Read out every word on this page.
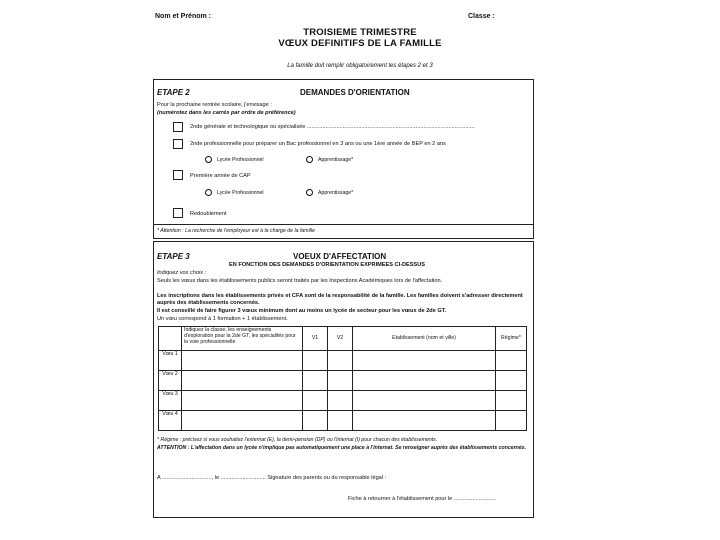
Nom et Prénom :	Classe :
TROISIEME TRIMESTRE
VŒUX DEFINITIFS DE LA FAMILLE
La famille doit remplir obligatoirement les étapes 2 et 3
ETAPE 2	DEMANDES D'ORIENTATION
Pour la prochaine rentrée scolaire, j'envisage :
(numérotez dans les carrés par ordre de préférence)
2nde générale et technologique ou spécialisée ............................................................................................................
2nde professionnelle pour préparer un Bac professionnel en 3 ans ou une 1ère année de BEP en 2 ans
Lycée Professionnel	Apprentissage*
Première année de CAP
Lycée Professionnel	Apprentissage*
Redoublement
* Attention : La recherche de l'employeur est à la charge de la famille
ETAPE 3	VOEUX D'AFFECTATION
EN FONCTION DES DEMANDES D'ORIENTATION EXPRIMEES CI-DESSUS
Indiquez vos choix :
Seuls les vœux dans les établissements publics seront traités par les Inspections Académiques lors de l'affectation.
Les inscriptions dans les établissements privés et CFA sont de la responsabilité de la famille. Les familles doivent s'adresser directement auprès des établissements concernés.
Il est conseillé de faire figurer 3 vœux minimum dont au moins un lycée de secteur pour les vœux de 2de GT.
Un vœu correspond à 1 formation + 1 établissement.
	Indiquez la classe, les enseignements d'exploration pour la 2de GT, les spécialités pour la voie professionnelle	V1	V2	Etablissement (nom et ville)	Régime*
Vœu 1					
Vœu 2					
Vœu 3					
Vœu 4					
* Régime : précisez si vous souhaitez l'externat (E), la demi-pension (DP) ou l'internat (I) pour chacun des établissements.
ATTENTION : L'affectation dans un lycée n'implique pas automatiquement une place à l'internat. Se renseigner auprès des établissements concernés.
A ................................, le ............................. Signature des parents ou du responsable légal :
Fiche à retourner à l'établissement pour le ...........................
